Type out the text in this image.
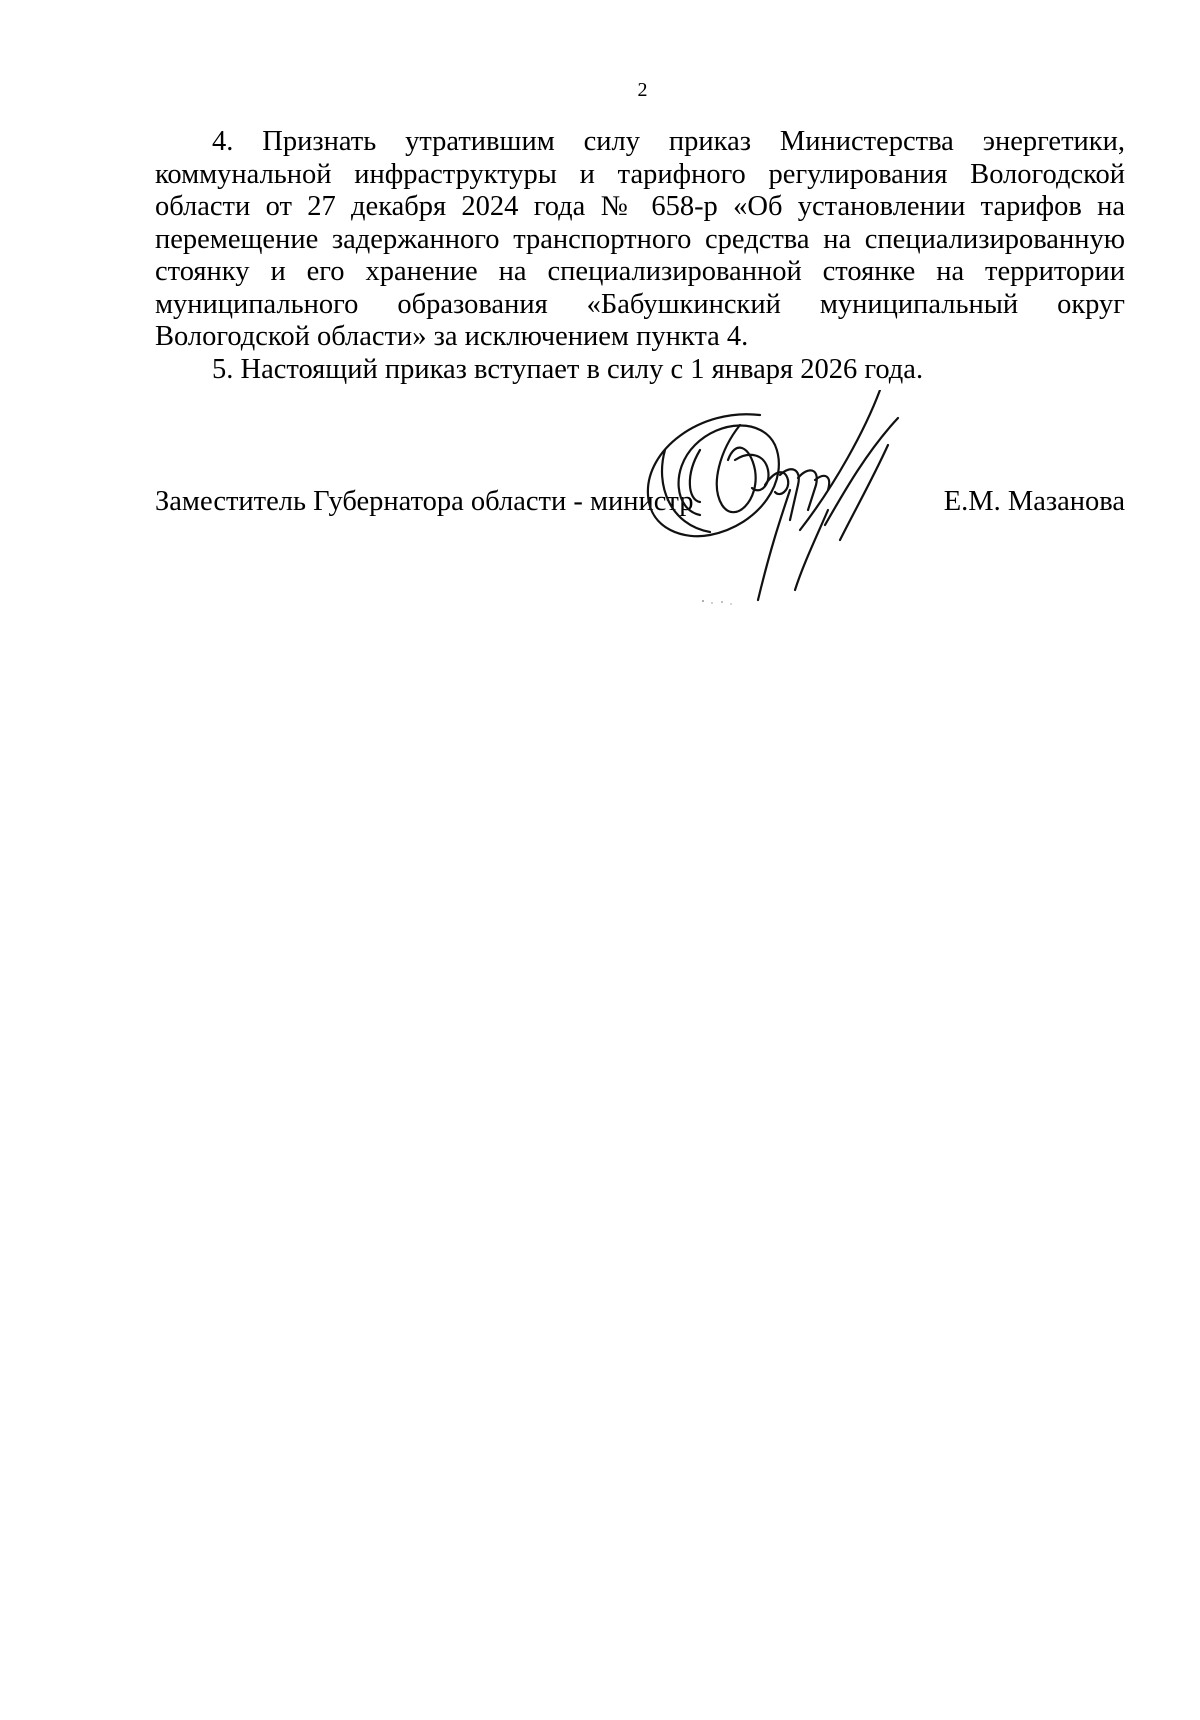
2

4. Признать утратившим силу приказ Министерства энергетики, коммунальной инфраструктуры и тарифного регулирования Вологодской области от 27 декабря 2024 года № 658-р «Об установлении тарифов на перемещение задержанного транспортного средства на специализированную стоянку и его хранение на специализированной стоянке на территории муниципального образования «Бабушкинский муниципальный округ Вологодской области» за исключением пункта 4.

5. Настоящий приказ вступает в силу с 1 января 2026 года.

Заместитель Губернатора области - министр	Е.М. Мазанова
